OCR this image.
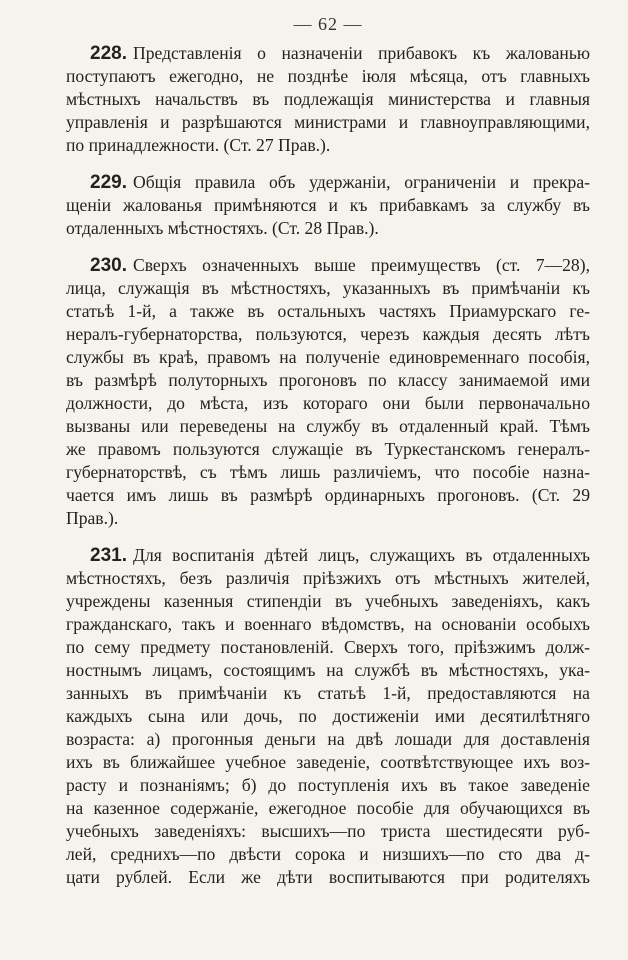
— 62 —
228. Представленія о назначеніи прибавокъ къ жалованью
поступаютъ ежегодно, не позднѣе іюля мѣсяца, отъ главныхъ
мѣстныхъ начальствъ въ подлежащія министерства и главныя
управленія и разрѣшаются министрами и главноуправляющими,
по принадлежности. (Ст. 27 Прав.).
229. Общія правила объ удержаніи, ограниченіи и прекра-
щеніи жалованья примѣняются и къ прибавкамъ за службу въ
отдаленныхъ мѣстностяхъ. (Ст. 28 Прав.).
230. Сверхъ означенныхъ выше преимуществъ (ст. 7—28),
лица, служащія въ мѣстностяхъ, указанныхъ въ примѣчаніи къ
статьѣ 1-й, а также въ остальныхъ частяхъ Приамурскаго ге-
нералъ-губернаторства, пользуются, черезъ каждыя десять лѣтъ
службы въ краѣ, правомъ на полученіе единовременнаго пособія,
въ размѣрѣ полуторныхъ прогоновъ по классу занимаемой ими
должности, до мѣста, изъ котораго они были первоначально
вызваны или переведены на службу въ отдаленный край. Тѣмъ
же правомъ пользуются служащіе въ Туркестанскомъ генералъ-
губернаторствѣ, съ тѣмъ лишь различіемъ, что пособіе назна-
чается имъ лишь въ размѣрѣ ординарныхъ прогоновъ. (Ст. 29
Прав.).
231. Для воспитанія дѣтей лицъ, служащихъ въ отдаленныхъ
мѣстностяхъ, безъ различія пріѣзжихъ отъ мѣстныхъ жителей,
учреждены казенныя стипендіи въ учебныхъ заведеніяхъ, какъ
гражданскаго, такъ и военнаго вѣдомствъ, на основаніи особыхъ
по сему предмету постановленій. Сверхъ того, пріѣзжимъ долж-
ностнымъ лицамъ, состоящимъ на службѣ въ мѣстностяхъ, ука-
занныхъ въ примѣчаніи къ статьѣ 1-й, предоставляются на
каждыхъ сына или дочь, по достиженіи ими десятилѣтняго
возраста: а) прогонныя деньги на двѣ лошади для доставленія
ихъ въ ближайшее учебное заведеніе, соотвѣтствующее ихъ воз-
расту и познаніямъ; б) до поступленія ихъ въ такое заведеніе
на казенное содержаніе, ежегодное пособіе для обучающихся въ
учебныхъ заведеніяхъ: высшихъ—по триста шестидесяти руб-
лей, среднихъ—по двѣсти сорока и низшихъ—по сто два д-
цати рублей. Если же дѣти воспитываются при родителяхъ
